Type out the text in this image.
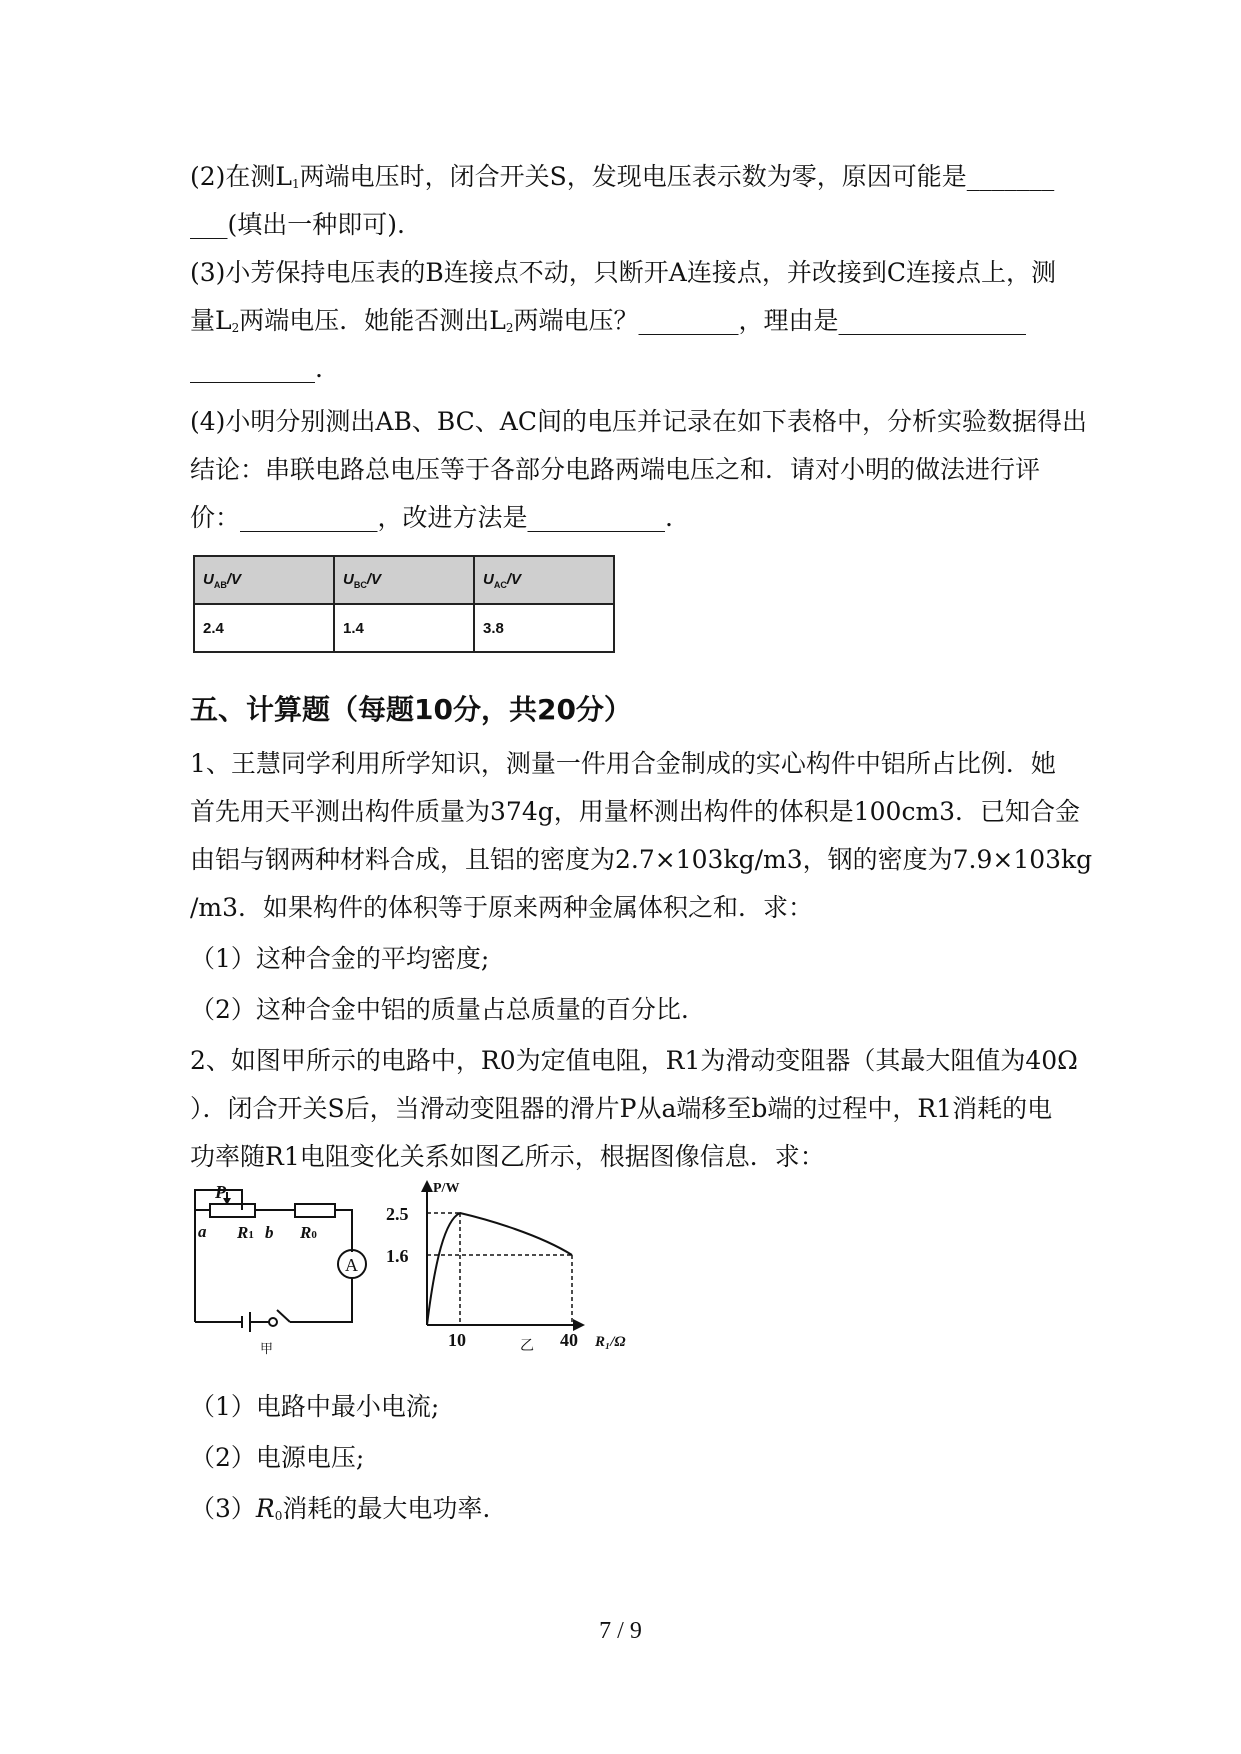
(2)在测$L_1$两端电压时，闭合开关S，发现电压表示数为零，原因可能是_______
___(填出一种即可).
(3)小芳保持电压表的B连接点不动，只断开A连接点，并改接到C连接点上，测
量$L_2$两端电压．她能否测出$L_2$两端电压？________，理由是_______________
__________.
(4)小明分别测出AB、BC、AC间的电压并记录在如下表格中，分析实验数据得出
结论：串联电路总电压等于各部分电路两端电压之和．请对小明的做法进行评
价：___________，改进方法是___________.
$U_{AB}/V$	$U_{BC}/V$	$U_{AC}/V$
2.4	1.4	3.8
五、计算题（每题10分，共20分）
1、王慧同学利用所学知识，测量一件用合金制成的实心构件中铝所占比例．她
首先用天平测出构件质量为374g，用量杯测出构件的体积是100cm3．已知合金
由铝与钢两种材料合成，且铝的密度为2.7×103kg/m3，钢的密度为7.9×103kg
/m3．如果构件的体积等于原来两种金属体积之和．求：
（1）这种合金的平均密度;
（2）这种合金中铝的质量占总质量的百分比.
2、如图甲所示的电路中，R0为定值电阻，R1为滑动变阻器（其最大阻值为40Ω
）．闭合开关S后，当滑动变阻器的滑片P从a端移至b端的过程中，R1消耗的电
功率随R1电阻变化关系如图乙所示，根据图像信息．求：
P
a R1 b R0
A
甲
P/W
2.5
1.6
10	40
乙	R₁/Ω
（1）电路中最小电流;
（2）电源电压;
$(3)R_0$消耗的最大电功率.
7 / 9
